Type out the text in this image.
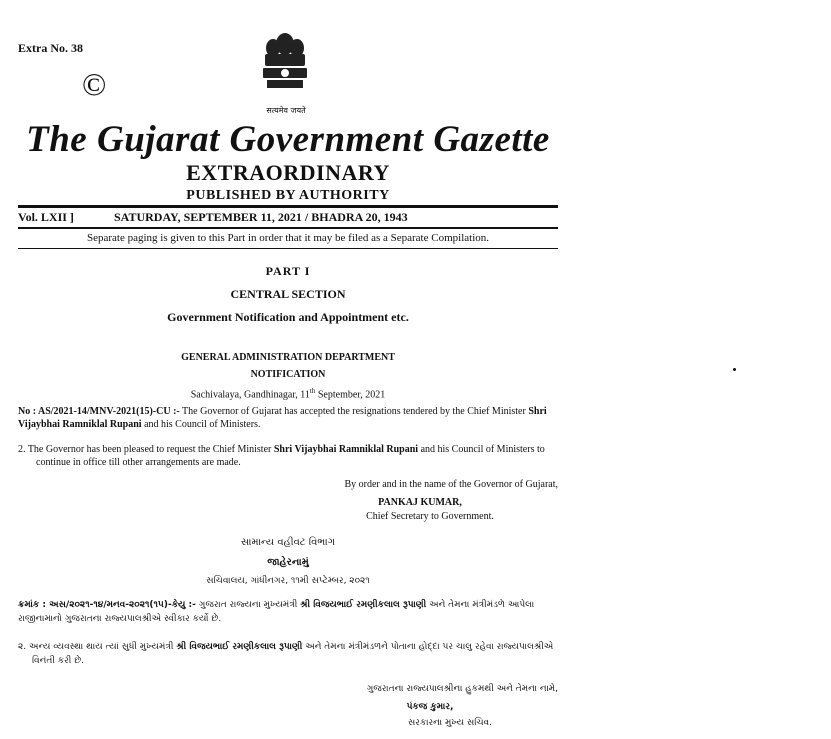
Extra No. 38
©
सत्यमेव जयते
The Gujarat Government Gazette
EXTRAORDINARY
PUBLISHED BY AUTHORITY
Vol. LXII ]	SATURDAY, SEPTEMBER 11, 2021 / BHADRA 20, 1943
Separate paging is given to this Part in order that it may be filed as a Separate Compilation.
PART I
CENTRAL SECTION
Government Notification and Appointment etc.
GENERAL ADMINISTRATION DEPARTMENT
NOTIFICATION
Sachivalaya, Gandhinagar, 11th September, 2021
No : AS/2021-14/MNV-2021(15)-CU :- The Governor of Gujarat has accepted the resignations tendered by the Chief Minister Shri Vijaybhai Ramniklal Rupani and his Council of Ministers.
2. The Governor has been pleased to request the Chief Minister Shri Vijaybhai Ramniklal Rupani and his Council of Ministers to continue in office till other arrangements are made.
By order and in the name of the Governor of Gujarat,
PANKAJ KUMAR,
Chief Secretary to Government.
સામાન્ય વહીવટ વિભાગ
જાહેરનામું
સચિવાલય, ગાંધીનગર, ૧૧મી સપ્ટેમ્બર, ૨૦૨૧
ક્રમાંક : અસ/૨૦૨૧-૧૪/મનવ-૨૦૨૧(૧૫)-કેયુ :- ગુજરાત રાજ્યના મુખ્યમંત્રી શ્રી વિજયભાઈ રમણીકલાલ રૂપાણી અને તેમના મંત્રીમંડળે આપેલા રાજીનામાનો ગુજરાતના રાજ્યપાલશ્રીએ સ્વીકાર કર્યો છે.
૨. અન્ય વ્યવસ્થા થાય ત્યાં સુધી મુખ્યમંત્રી શ્રી વિજયભાઈ રમણીકલાલ રૂપાણી અને તેમના મંત્રીમંડળને પોતાના હોદ્દા પર ચાલુ રહેવા રાજ્યપાલશ્રીએ વિનંતી કરી છે.
ગુજરાતના રાજ્યપાલશ્રીના હુકમથી અને તેમના નામે,
પંકજ કુમાર,
સરકારના મુખ્ય સચિવ.
